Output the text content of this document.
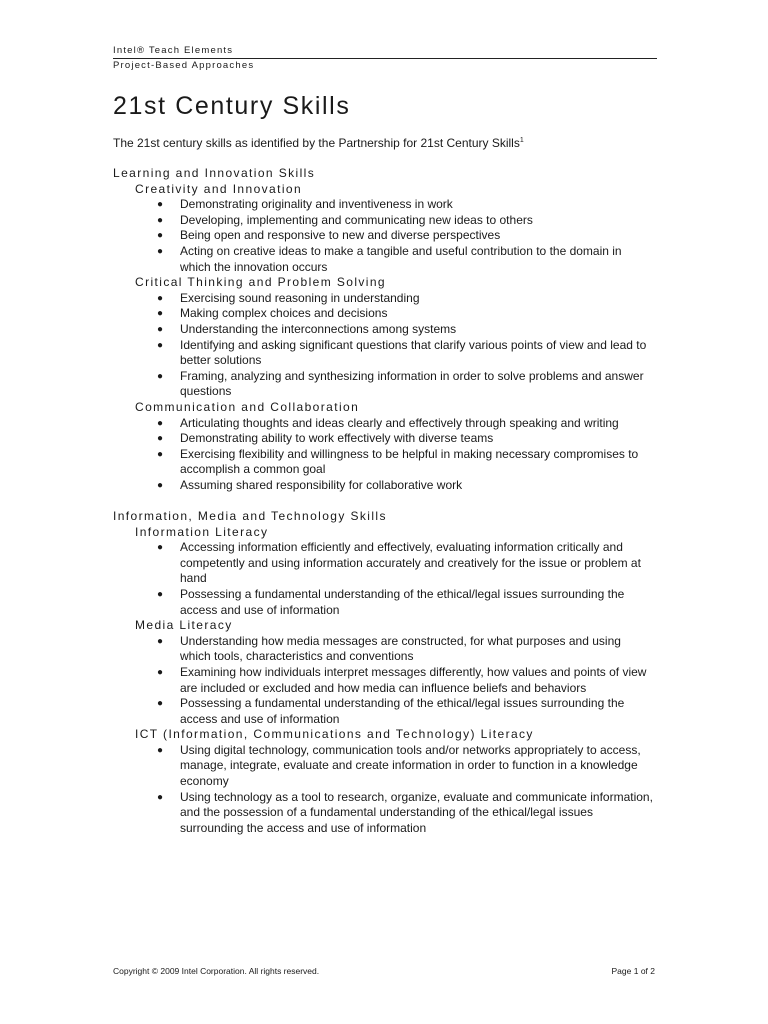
Intel® Teach Elements
Project-Based Approaches
21st Century Skills
The 21st century skills as identified by the Partnership for 21st Century Skills$^1$
Learning and Innovation Skills
Creativity and Innovation
● Demonstrating originality and inventiveness in work
● Developing, implementing and communicating new ideas to others
● Being open and responsive to new and diverse perspectives
● Acting on creative ideas to make a tangible and useful contribution to the domain in which the innovation occurs
Critical Thinking and Problem Solving
● Exercising sound reasoning in understanding
● Making complex choices and decisions
● Understanding the interconnections among systems
● Identifying and asking significant questions that clarify various points of view and lead to better solutions
● Framing, analyzing and synthesizing information in order to solve problems and answer questions
Communication and Collaboration
● Articulating thoughts and ideas clearly and effectively through speaking and writing
● Demonstrating ability to work effectively with diverse teams
● Exercising flexibility and willingness to be helpful in making necessary compromises to accomplish a common goal
● Assuming shared responsibility for collaborative work
Information, Media and Technology Skills
Information Literacy
● Accessing information efficiently and effectively, evaluating information critically and competently and using information accurately and creatively for the issue or problem at hand
● Possessing a fundamental understanding of the ethical/legal issues surrounding the access and use of information
Media Literacy
● Understanding how media messages are constructed, for what purposes and using which tools, characteristics and conventions
● Examining how individuals interpret messages differently, how values and points of view are included or excluded and how media can influence beliefs and behaviors
● Possessing a fundamental understanding of the ethical/legal issues surrounding the access and use of information
ICT (Information, Communications and Technology) Literacy
● Using digital technology, communication tools and/or networks appropriately to access, manage, integrate, evaluate and create information in order to function in a knowledge economy
● Using technology as a tool to research, organize, evaluate and communicate information, and the possession of a fundamental understanding of the ethical/legal issues surrounding the access and use of information
Copyright © 2009 Intel Corporation. All rights reserved.	Page 1 of 2
